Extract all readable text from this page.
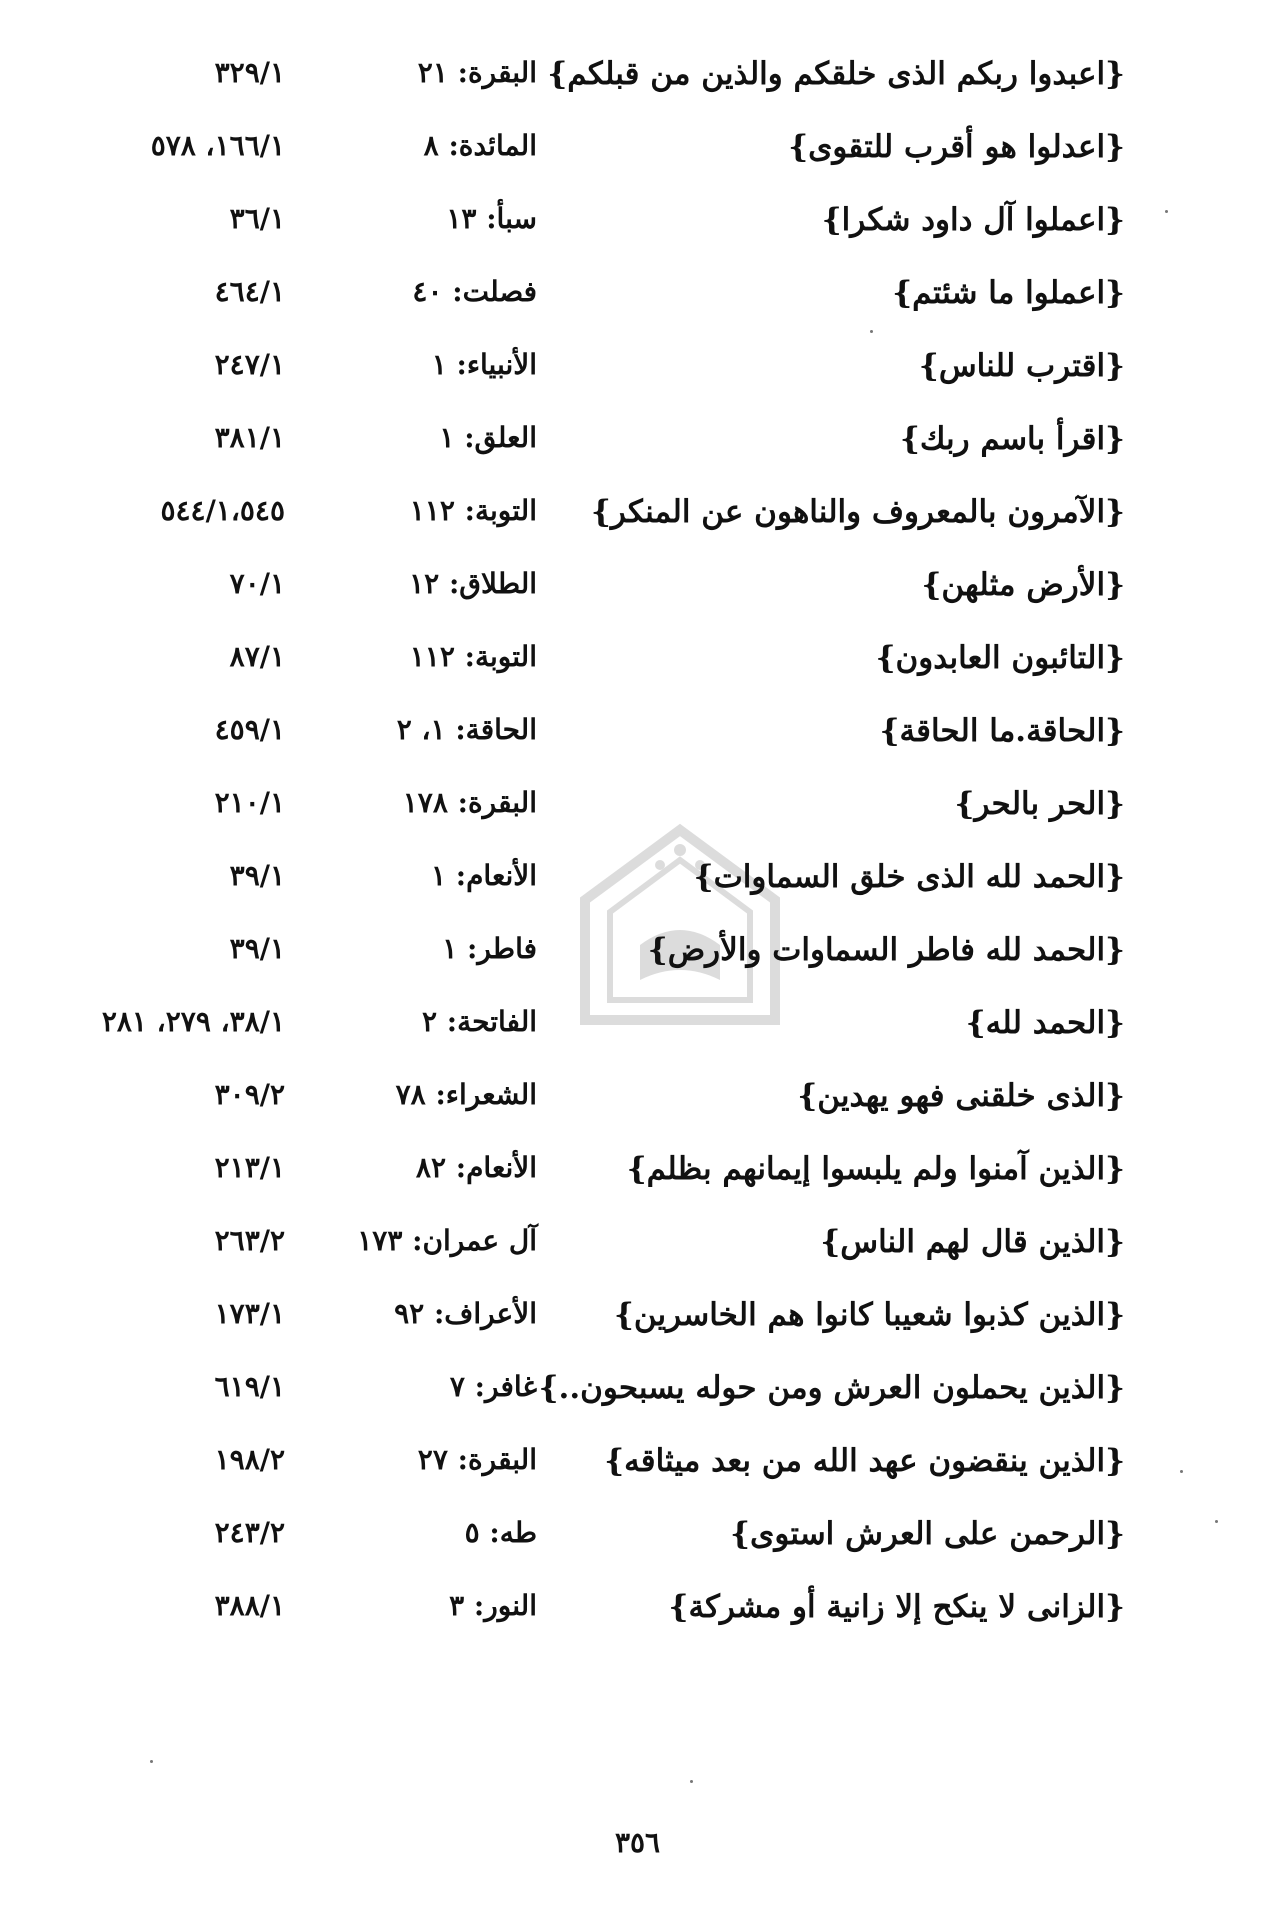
{اعبدوا ربكم الذى خلقكم والذين من قبلكم}
البقرة: ٢١
٣٢٩/١
{اعدلوا هو أقرب للتقوى}
المائدة: ٨
١٦٦/١، ٥٧٨
{اعملوا آل داود شكرا}
سبأ: ١٣
٣٦/١
{اعملوا ما شئتم}
فصلت: ٤٠
٤٦٤/١
{اقترب للناس}
الأنبياء: ١
٢٤٧/١
{اقرأ باسم ربك}
العلق: ١
٣٨١/١
{الآمرون بالمعروف والناهون عن المنكر}
التوبة: ١١٢
٥٤٤/١،٥٤٥
{الأرض مثلهن}
الطلاق: ١٢
٧٠/١
{التائبون العابدون}
التوبة: ١١٢
٨٧/١
{الحاقة.ما الحاقة}
الحاقة: ١، ٢
٤٥٩/١
{الحر بالحر}
البقرة: ١٧٨
٢١٠/١
{الحمد لله الذى خلق السماوات}
الأنعام: ١
٣٩/١
{الحمد لله فاطر السماوات والأرض}
فاطر: ١
٣٩/١
{الحمد لله}
الفاتحة: ٢
٣٨/١، ٢٧٩، ٢٨١
{الذى خلقنى فهو يهدين}
الشعراء: ٧٨
٣٠٩/٢
{الذين آمنوا ولم يلبسوا إيمانهم بظلم}
الأنعام: ٨٢
٢١٣/١
{الذين قال لهم الناس}
آل عمران: ١٧٣
٢٦٣/٢
{الذين كذبوا شعيبا كانوا هم الخاسرين}
الأعراف: ٩٢
١٧٣/١
{الذين يحملون العرش ومن حوله يسبحون..}
غافر: ٧
٦١٩/١
{الذين ينقضون عهد الله من بعد ميثاقه}
البقرة: ٢٧
١٩٨/٢
{الرحمن على العرش استوى}
طه: ٥
٢٤٣/٢
{الزانى لا ينكح إلا زانية أو مشركة}
النور: ٣
٣٨٨/١
٣٥٦
